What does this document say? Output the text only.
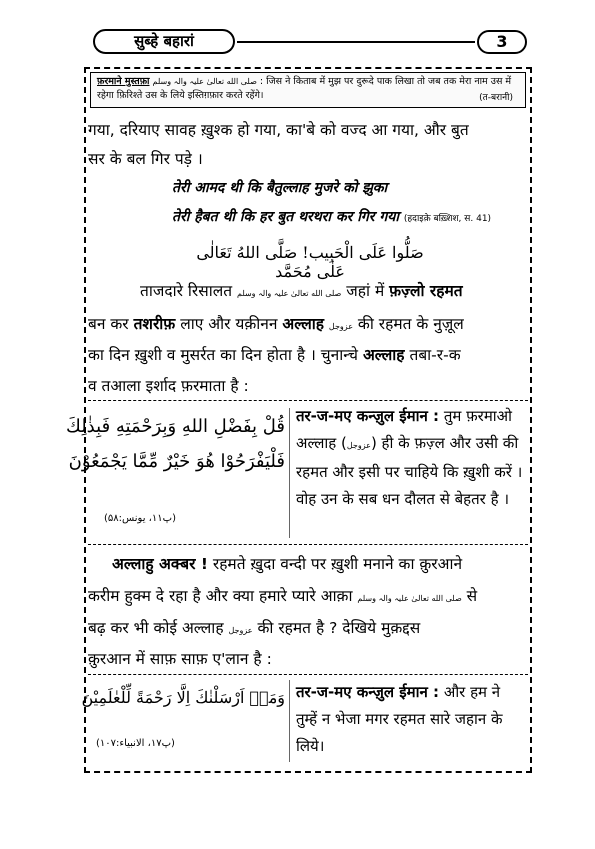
सुब्हे बहारां	3
फ़रमाने मुस्तफ़ा صلى الله تعالیٰ علیہ والہ وسلم : जिस ने किताब में मुझ पर दुरूदे पाक लिखा तो जब तक मेरा नाम उस में रहेगा फ़िरिश्ते उस के लिये इस्तिग़फ़ार करते रहेंगे।	(त-बरानी)
गया, दरियाए सावह ख़ुश्क हो गया, का'बे को वज्द आ गया, और बुत
सर के बल गिर पड़े ।
तेरी आमद थी कि बैतुल्लाह मुजरे को झुका
तेरी हैबत थी कि हर बुत थरथरा कर गिर गया (हदाइक़े बख़्शिश, स. 41)
صَلُّوا عَلَى الْحَبِيب! صَلَّى اللهُ تَعَالٰى عَلٰى مُحَمَّد
ताजदारे रिसालत صلى الله تعالیٰ علیہ والہ وسلم जहां में फ़ज़्लो रहमत
बन कर तशरीफ़ लाए और यक़ीनन अल्लाह عزوجل की रहमत के नुज़ूल
का दिन ख़ुशी व मुसर्रत का दिन होता है । चुनान्चे अल्लाह तबा-र-क
व तआला इर्शाद फ़रमाता है :
قُلْ بِفَضْلِ اللهِ وَبِرَحْمَتِهِ فَبِذٰلِكَ
فَلْيَفْرَحُوْا هُوَ خَيْرٌ مِّمَّا يَجْمَعُوْنَ
(پ۱۱، یونس:۵۸)
तर-ज-मए कन्ज़ुल ईमान : तुम फ़रमाओ अल्लाह (عزوجل) ही के फ़ज़्ल और उसी की रहमत और इसी पर चाहिये कि ख़ुशी करें । वोह उन के सब धन दौलत से बेहतर है ।
अल्लाहु अक्बर ! रहमते ख़ुदा वन्दी पर ख़ुशी मनाने का क़ुरआने
करीम हुक्म दे रहा है और क्या हमारे प्यारे आक़ा صلى الله تعالیٰ علیہ والہ وسلم से
बढ़ कर भी कोई अल्लाह عزوجل की रहमत है ? देखिये मुक़द्दस
क़ुरआन में साफ़ साफ़ ए'लान है :
وَمَاۤ اَرْسَلْنٰكَ اِلَّا رَحْمَةً لِّلْعٰلَمِيْنَ
(پ۱۷، الانبیاء:۱۰۷)
तर-ज-मए कन्ज़ुल ईमान : और हम ने तुम्हें न भेजा मगर रहमत सारे जहान के लिये।
